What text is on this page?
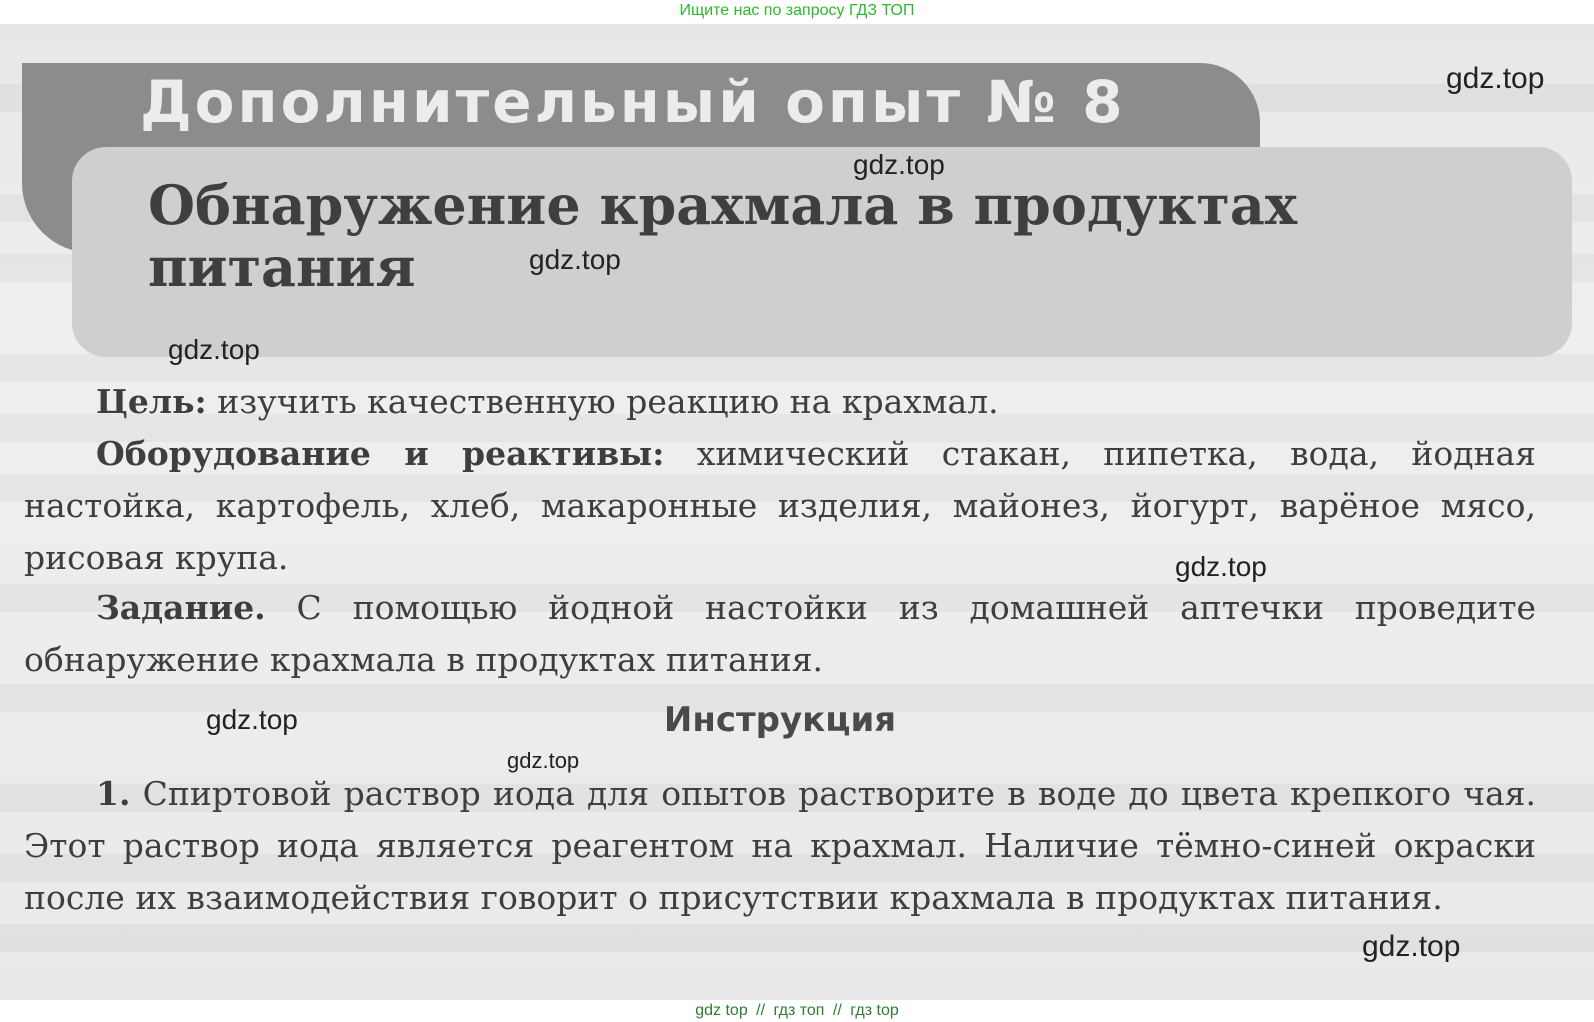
Ищите нас по запросу ГДЗ ТОП
Дополнительный опыт № 8
Обнаружение крахмала в продуктах питания

Цель: изучить качественную реакцию на крахмал.

Оборудование и реактивы: химический стакан, пипетка, вода, йодная настойка, картофель, хлеб, макаронные изделия, майонез, йогурт, варёное мясо, рисовая крупа.

Задание. С помощью йодной настойки из домашней аптечки проведите обнаружение крахмала в продуктах питания.

Инструкция

1. Спиртовой раствор иода для опытов растворите в воде до цвета крепкого чая. Этот раствор иода является реагентом на крахмал. Наличие тёмно-синей окраски после их взаимодействия говорит о присутствии крахмала в продуктах питания.

gdz.top
gdz.top
gdz.top
gdz.top
gdz.top
gdz.top
gdz.top
gdz.top
gdz top // гдз топ // гдз top
